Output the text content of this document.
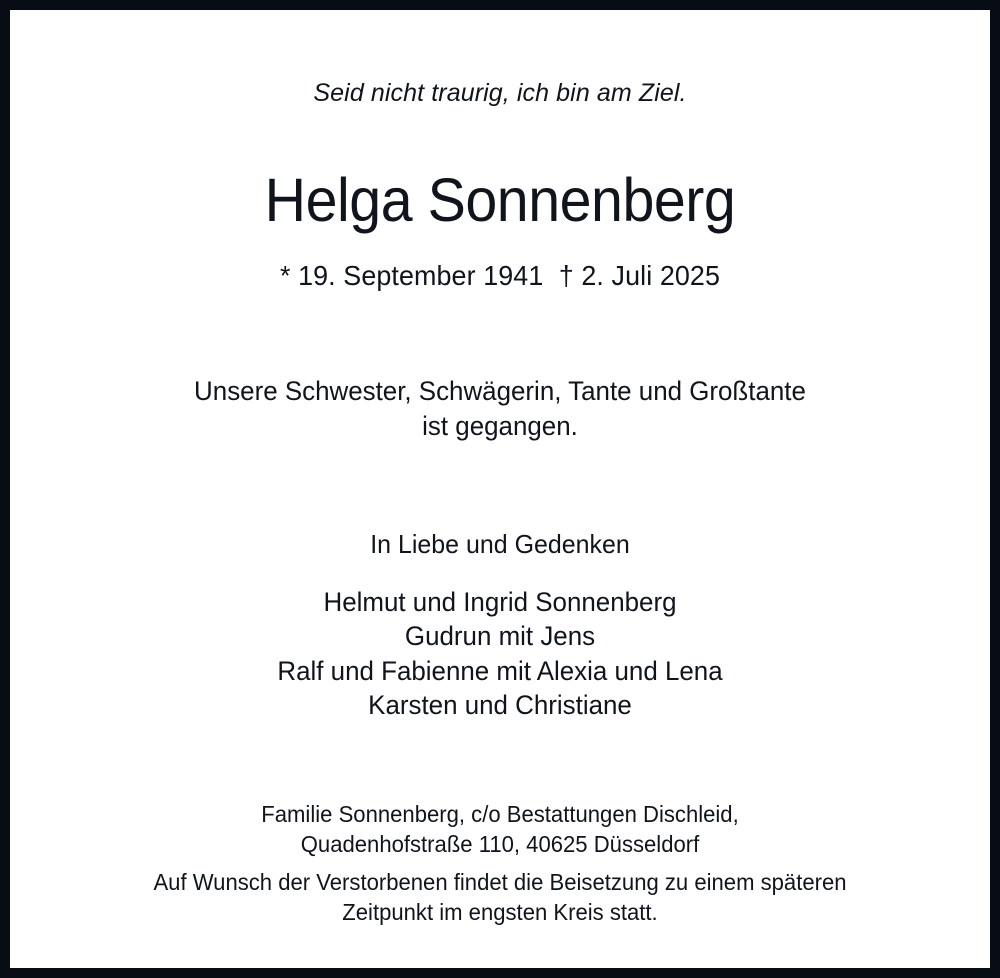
Seid nicht traurig, ich bin am Ziel.
Helga Sonnenberg
* 19. September 1941 † 2. Juli 2025
Unsere Schwester, Schwägerin, Tante und Großtante
ist gegangen.
In Liebe und Gedenken
Helmut und Ingrid Sonnenberg
Gudrun mit Jens
Ralf und Fabienne mit Alexia und Lena
Karsten und Christiane
Familie Sonnenberg, c/o Bestattungen Dischleid,
Quadenhofstraße 110, 40625 Düsseldorf
Auf Wunsch der Verstorbenen findet die Beisetzung zu einem späteren
Zeitpunkt im engsten Kreis statt.
